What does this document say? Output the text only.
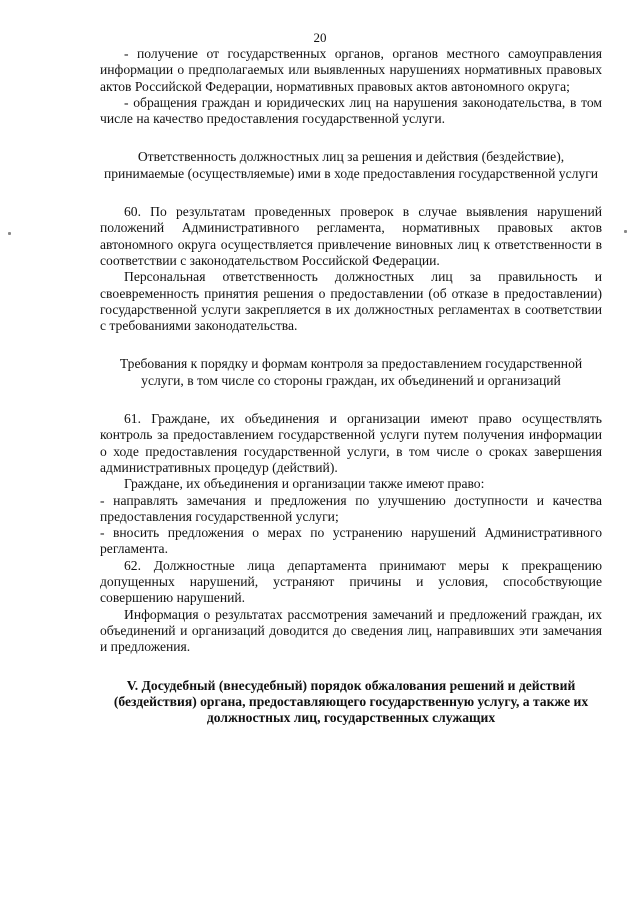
20

- получение от государственных органов, органов местного самоуправления информации о предполагаемых или выявленных нарушениях нормативных правовых актов Российской Федерации, нормативных правовых актов автономного округа;

- обращения граждан и юридических лиц на нарушения законодательства, в том числе на качество предоставления государственной услуги.

Ответственность должностных лиц за решения и действия (бездействие), принимаемые (осуществляемые) ими в ходе предоставления государственной услуги

60. По результатам проведенных проверок в случае выявления нарушений положений Административного регламента, нормативных правовых актов автономного округа осуществляется привлечение виновных лиц к ответственности в соответствии с законодательством Российской Федерации.

Персональная ответственность должностных лиц за правильность и своевременность принятия решения о предоставлении (об отказе в предоставлении) государственной услуги закрепляется в их должностных регламентах в соответствии с требованиями законодательства.

Требования к порядку и формам контроля за предоставлением государственной услуги, в том числе со стороны граждан, их объединений и организаций

61. Граждане, их объединения и организации имеют право осуществлять контроль за предоставлением государственной услуги путем получения информации о ходе предоставления государственной услуги, в том числе о сроках завершения административных процедур (действий).

Граждане, их объединения и организации также имеют право:

- направлять замечания и предложения по улучшению доступности и качества предоставления государственной услуги;

- вносить предложения о мерах по устранению нарушений Административного регламента.

62. Должностные лица департамента принимают меры к прекращению допущенных нарушений, устраняют причины и условия, способствующие совершению нарушений.

Информация о результатах рассмотрения замечаний и предложений граждан, их объединений и организаций доводится до сведения лиц, направивших эти замечания и предложения.

V. Досудебный (внесудебный) порядок обжалования решений и действий (бездействия) органа, предоставляющего государственную услугу, а также их должностных лиц, государственных служащих
